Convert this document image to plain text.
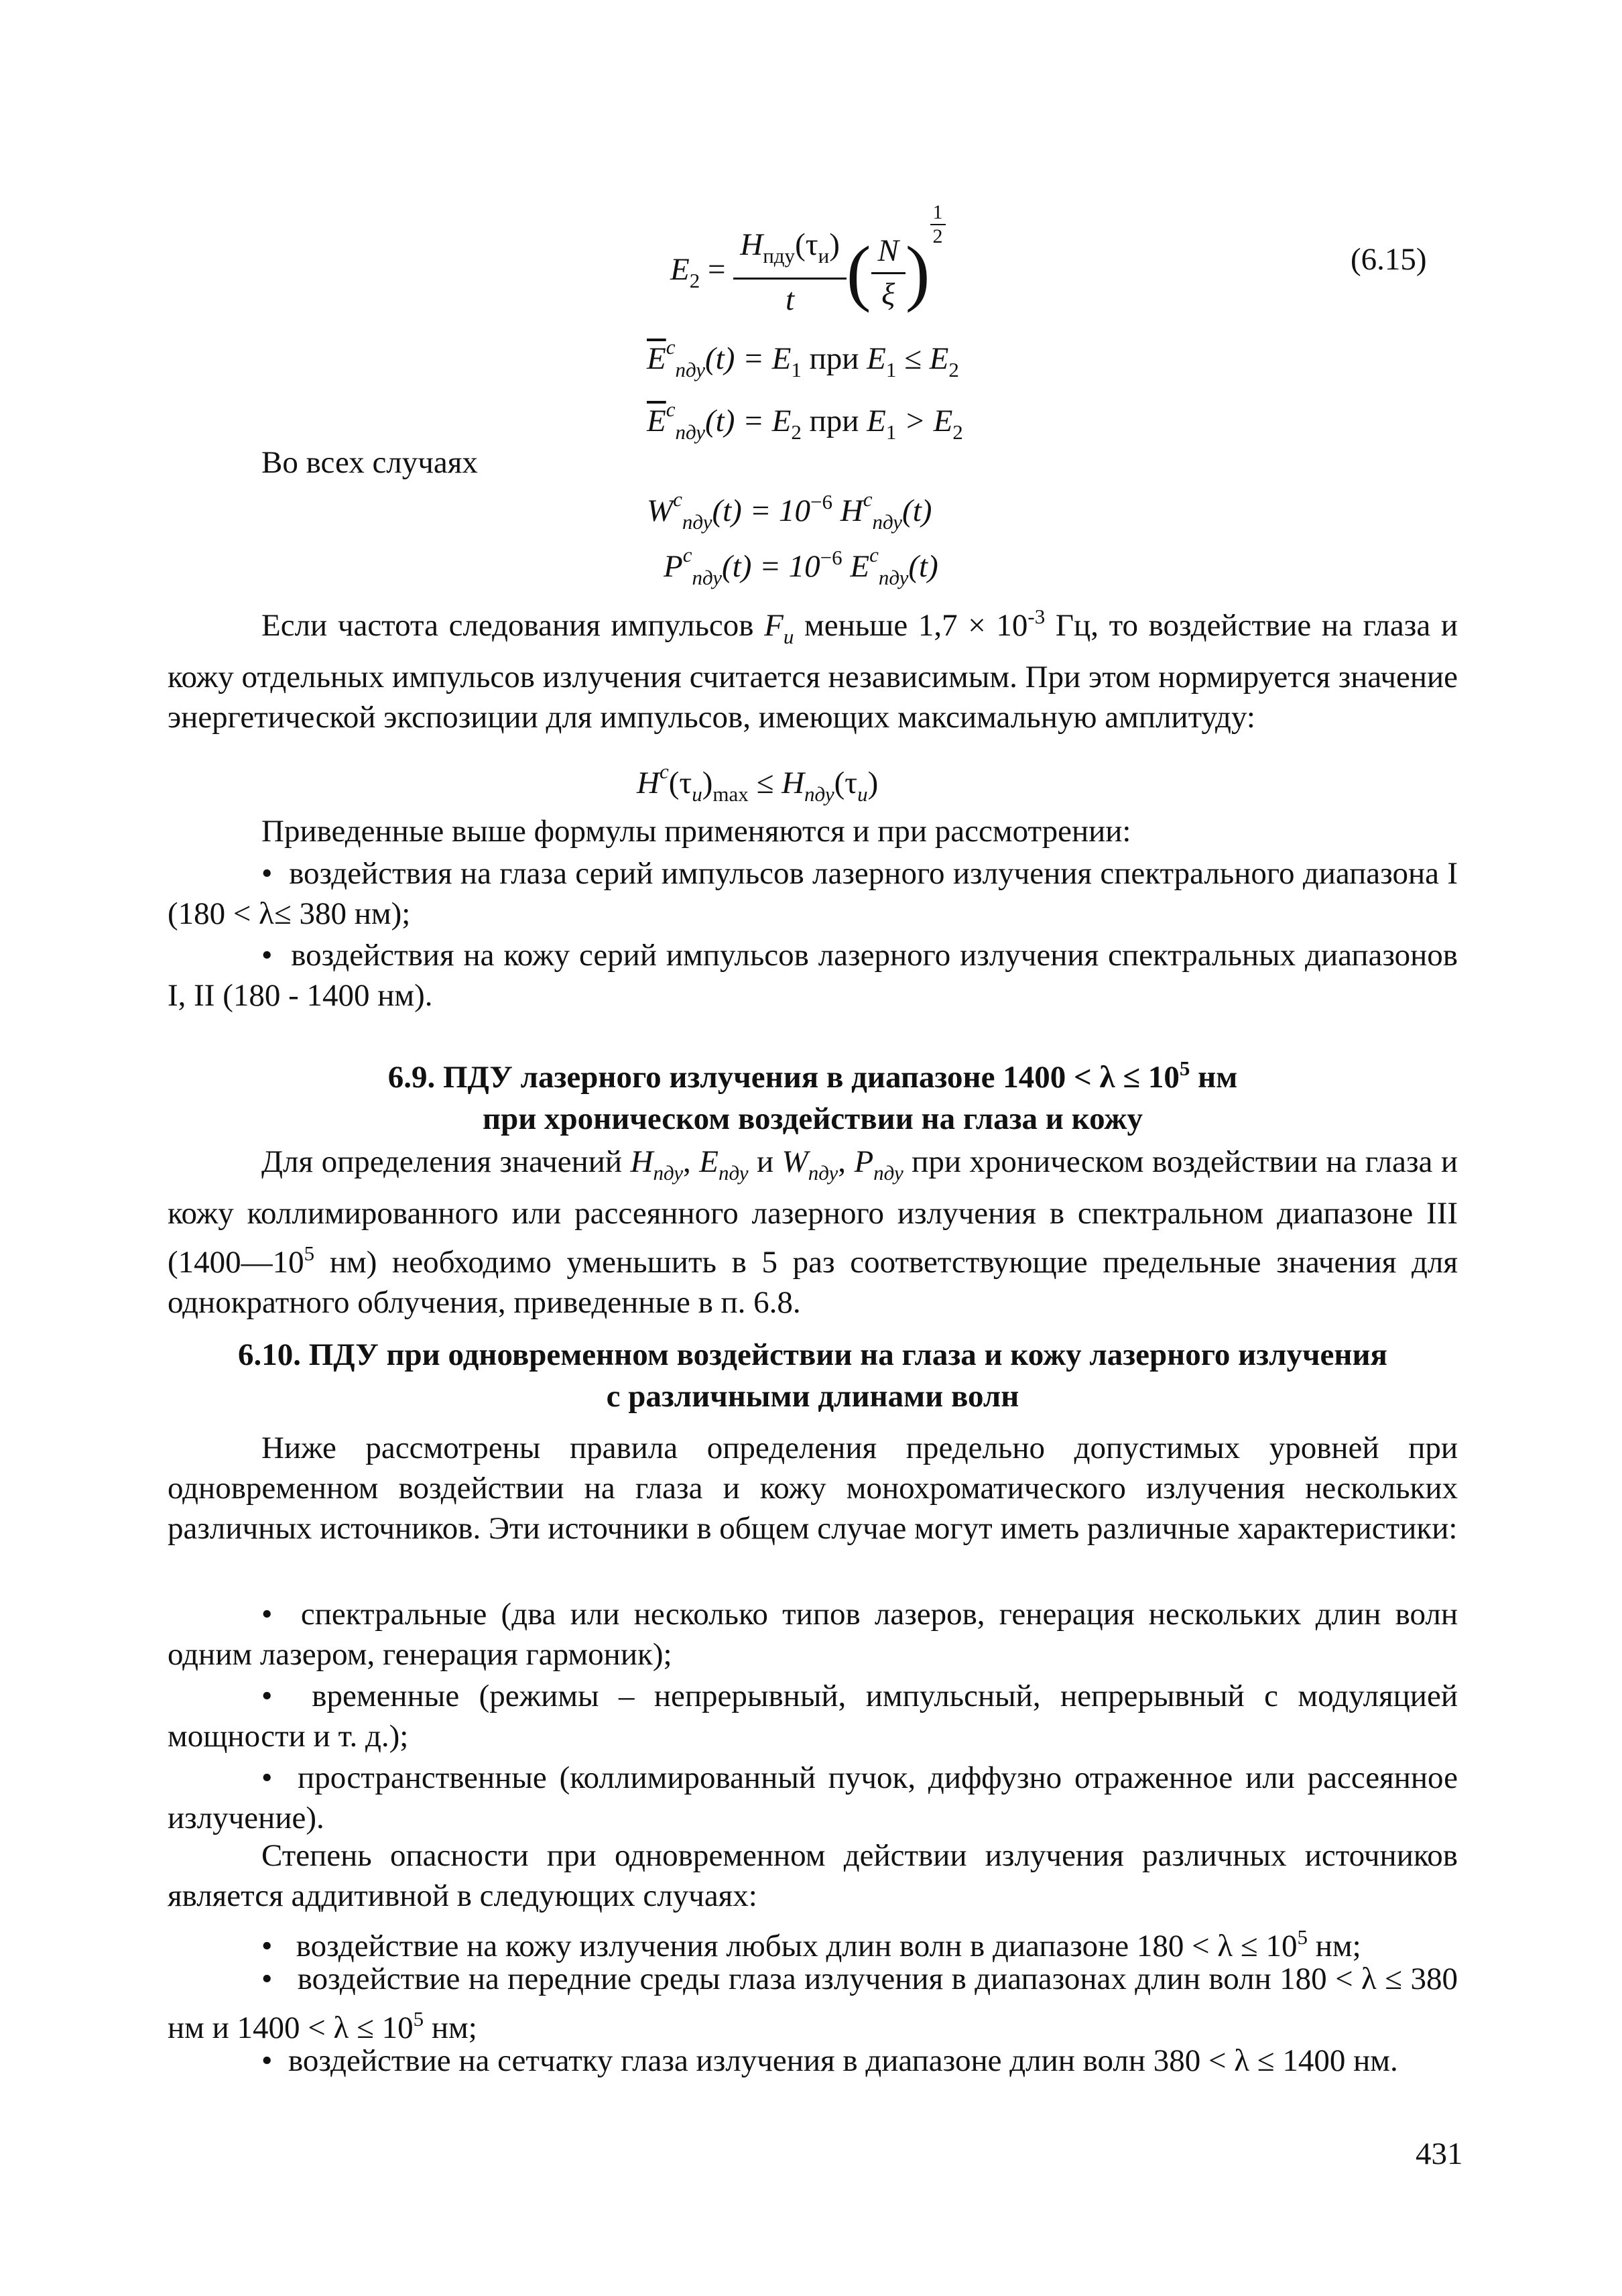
$E_2 = \frac{H_{пду}(\tau_и)}{t}$ ( $\frac{N}{\xi}$ )
$\frac{1}{2}$
(6.15)
$\overline{E}^c_{пду}(t) = E_1$ при $E_1 \le E_2$
$\overline{E}^c_{пду}(t) = E_2$ при $E_1 > E_2$
Во всех случаях
$W^c_{пду}(t) = 10^{-6}$ $H^c_{пду}(t)$
$P^c_{пду}(t) = 10^{-6}$ $E^c_{пду}(t)$
Если частота следования импульсов $F_и$ меньше $1,7 \times 10^{-3}$ Гц, то воздействие на глаза и кожу отдельных импульсов излучения считается независимым. При этом нормируется значение энергетической экспозиции для импульсов, имеющих максимальную амплитуду:
$H^c(\tau_и)_{max} \le H_{пду}(\tau_и)$
Приведенные выше формулы применяются и при рассмотрении:
•  воздействия на глаза серий импульсов лазерного излучения спектрального диапазона I (180 < λ≤ 380 нм);
•  воздействия на кожу серий импульсов лазерного излучения спектральных диапазонов I, II (180 - 1400 нм).
6.9. ПДУ лазерного излучения в диапазоне $1400 < \lambda \le 10^5$ нм
при хроническом воздействии на глаза и кожу
Для определения значений $H_{пду}$, $E_{пду}$ и $W_{пду}$, $P_{пду}$ при хроническом воздействии на глаза и кожу коллимированного или рассеянного лазерного излучения в спектральном диапазоне III ($1400—10^5$ нм) необходимо уменьшить в 5 раз соответствующие предельные значения для однократного облучения, приведенные в п. 6.8.
6.10. ПДУ при одновременном воздействии на глаза и кожу лазерного излучения
с различными длинами волн
Ниже рассмотрены правила определения предельно допустимых уровней при одновременном воздействии на глаза и кожу монохроматического излучения нескольких различных источников. Эти источники в общем случае могут иметь различные характеристики:
•  спектральные (два или несколько типов лазеров, генерация нескольких длин волн одним лазером, генерация гармоник);
•  временные (режимы – непрерывный, импульсный, непрерывный с модуляцией мощности и т. д.);
•  пространственные (коллимированный пучок, диффузно отраженное или рассеянное излучение).
Степень опасности при одновременном действии излучения различных источников является аддитивной в следующих случаях:
•  воздействие на кожу излучения любых длин волн в диапазоне $180 < \lambda \le 10^5$ нм;
•  воздействие на передние среды глаза излучения в диапазонах длин волн 180 < λ ≤ 380 нм и $1400 < \lambda \le 10^5$ нм;
•  воздействие на сетчатку глаза излучения в диапазоне длин волн 380 < λ ≤ 1400 нм.
431
